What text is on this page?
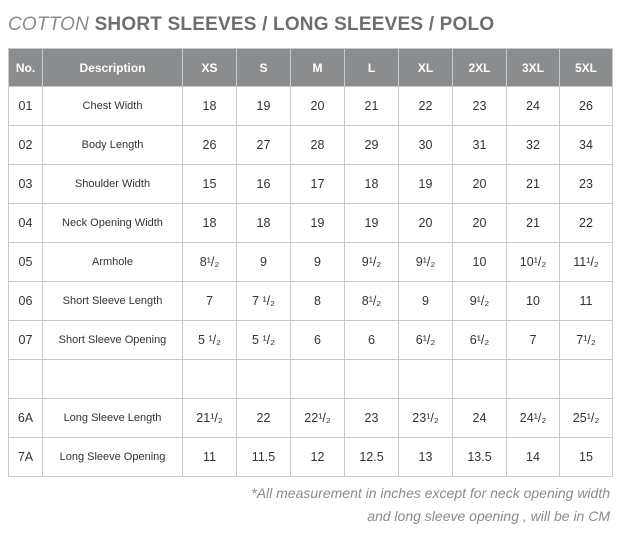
COTTON SHORT SLEEVES / LONG SLEEVES / POLO
No.	Description	XS	S	M	L	XL	2XL	3XL	5XL
01	Chest Width	18	19	20	21	22	23	24	26
02	Body Length	26	27	28	29	30	31	32	34
03	Shoulder Width	15	16	17	18	19	20	21	23
04	Neck Opening Width	18	18	19	19	20	20	21	22
05	Armhole	8¹/₂	9	9	9¹/₂	9¹/₂	10	10¹/₂	11¹/₂
06	Short Sleeve Length	7	7 ¹/₂	8	8¹/₂	9	9¹/₂	10	11
07	Short Sleeve Opening	5 ¹/₂	5 ¹/₂	6	6	6¹/₂	6¹/₂	7	7¹/₂

6A	Long Sleeve Length	21¹/₂	22	22¹/₂	23	23¹/₂	24	24¹/₂	25¹/₂
7A	Long Sleeve Opening	11	11.5	12	12.5	13	13.5	14	15
*All measurement in inches except for neck opening width
and long sleeve opening , will be in CM
